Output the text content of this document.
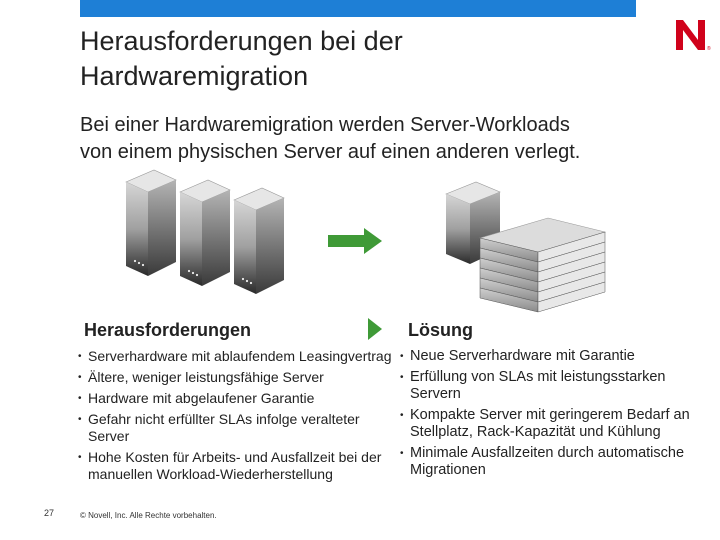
®
Herausforderungen bei der
Hardwaremigration
Bei einer Hardwaremigration werden Server-Workloads
von einem physischen Server auf einen anderen verlegt.
Herausforderungen	Lösung
• Serverhardware mit ablaufendem Leasingvertrag
• Ältere, weniger leistungsfähige Server
• Hardware mit abgelaufener Garantie
• Gefahr nicht erfüllter SLAs infolge veralteter Server
• Hohe Kosten für Arbeits- und Ausfallzeit bei der manuellen Workload-Wiederherstellung
• Neue Serverhardware mit Garantie
• Erfüllung von SLAs mit leistungsstarken Servern
• Kompakte Server mit geringerem Bedarf an Stellplatz, Rack-Kapazität und Kühlung
• Minimale Ausfallzeiten durch automatische Migrationen
27	© Novell, Inc. Alle Rechte vorbehalten.
